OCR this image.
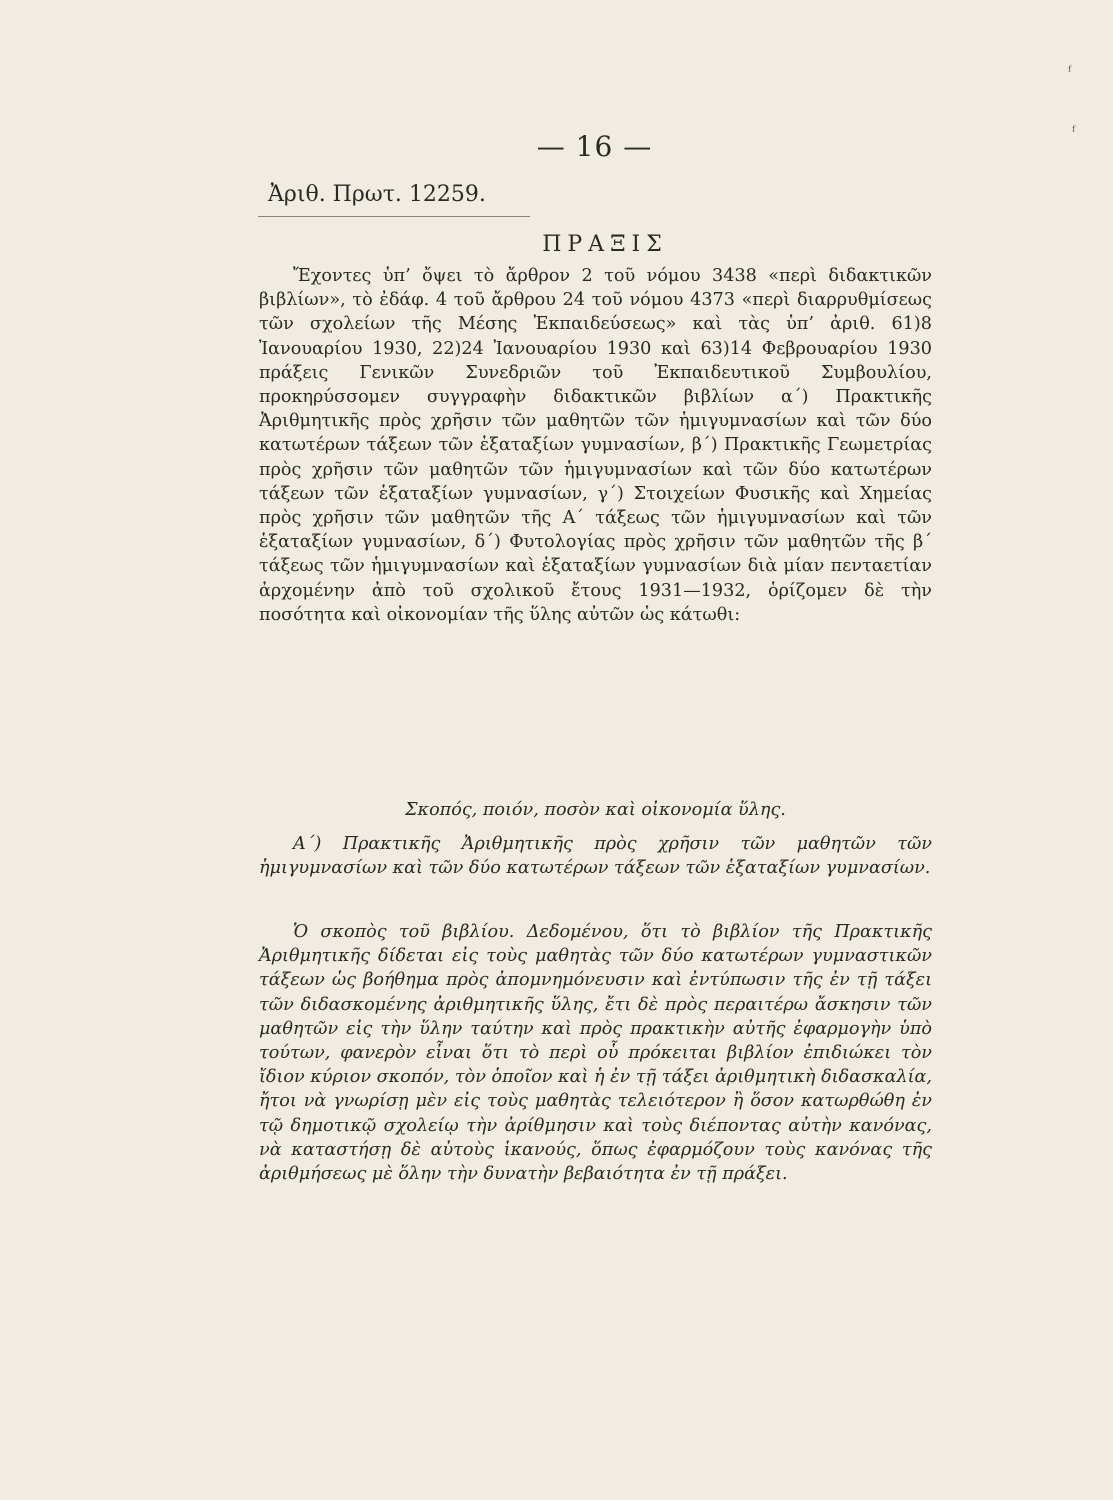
ᶠ
ᶠ
— 16 —
Ἀριθ. Πρωτ. 12259.
ΠΡΑΞΙΣ
Ἔχοντες ὑπ’ ὄψει τὸ ἄρθρον 2 τοῦ νόμου 3438 «περὶ διδακτικῶν βιβλίων», τὸ ἐδάφ. 4 τοῦ ἄρθρου 24 τοῦ νόμου 4373 «περὶ διαρρυθμίσεως τῶν σχολείων τῆς Μέσης Ἐκπαιδεύσεως» καὶ τὰς ὑπ’ ἀριθ. 61)8 Ἰανουαρίου 1930, 22)24 Ἰανουαρίου 1930 καὶ 63)14 Φεβρουαρίου 1930 πράξεις Γενικῶν Συνεδριῶν τοῦ Ἐκπαιδευτικοῦ Συμβουλίου, προκηρύσσομεν συγγραφὴν διδακτικῶν βιβλίων α΄) Πρακτικῆς Ἀριθμητικῆς πρὸς χρῆσιν τῶν μαθητῶν τῶν ἡμιγυμνασίων καὶ τῶν δύο κατωτέρων τάξεων τῶν ἑξαταξίων γυμνασίων, β΄) Πρακτικῆς Γεωμετρίας πρὸς χρῆσιν τῶν μαθητῶν τῶν ἡμιγυμνασίων καὶ τῶν δύο κατωτέρων τάξεων τῶν ἑξαταξίων γυμνασίων, γ΄) Στοιχείων Φυσικῆς καὶ Χημείας πρὸς χρῆσιν τῶν μαθητῶν τῆς Α΄ τάξεως τῶν ἡμιγυμνασίων καὶ τῶν ἑξαταξίων γυμνασίων, δ΄) Φυτολογίας πρὸς χρῆσιν τῶν μαθητῶν τῆς β΄ τάξεως τῶν ἡμιγυμνασίων καὶ ἑξαταξίων γυμνασίων διὰ μίαν πενταετίαν ἀρχομένην ἀπὸ τοῦ σχολικοῦ ἔτους 1931—1932, ὁρίζομεν δὲ τὴν ποσότητα καὶ οἰκονομίαν τῆς ὕλης αὐτῶν ὡς κάτωθι:
Σκοπός, ποιόν, ποσὸν καὶ οἰκονομία ὕλης.
Α΄) Πρακτικῆς Ἀριθμητικῆς πρὸς χρῆσιν τῶν μαθητῶν τῶν ἡμιγυμνασίων καὶ τῶν δύο κατωτέρων τάξεων τῶν ἑξαταξίων γυμνασίων.
Ὁ σκοπὸς τοῦ βιβλίου. Δεδομένου, ὅτι τὸ βιβλίον τῆς Πρακτικῆς Ἀριθμητικῆς δίδεται εἰς τοὺς μαθητὰς τῶν δύο κατωτέρων γυμναστικῶν τάξεων ὡς βοήθημα πρὸς ἀπομνημόνευσιν καὶ ἐντύπωσιν τῆς ἐν τῇ τάξει τῶν διδασκομένης ἀριθμητικῆς ὕλης, ἔτι δὲ πρὸς περαιτέρω ἄσκησιν τῶν μαθητῶν εἰς τὴν ὕλην ταύτην καὶ πρὸς πρακτικὴν αὐτῆς ἐφαρμογὴν ὑπὸ τούτων, φανερὸν εἶναι ὅτι τὸ περὶ οὗ πρόκειται βιβλίον ἐπιδιώκει τὸν ἴδιον κύριον σκοπόν, τὸν ὁποῖον καὶ ἡ ἐν τῇ τάξει ἀριθμητικὴ διδασκαλία, ἤτοι νὰ γνωρίσῃ μὲν εἰς τοὺς μαθητὰς τελειότερον ἢ ὅσον κατωρθώθη ἐν τῷ δημοτικῷ σχολείῳ τὴν ἀρίθμησιν καὶ τοὺς διέποντας αὐτὴν κανόνας, νὰ καταστήσῃ δὲ αὐτοὺς ἱκανούς, ὅπως ἐφαρμόζουν τοὺς κανόνας τῆς ἀριθμήσεως μὲ ὅλην τὴν δυνατὴν βεβαιότητα ἐν τῇ πράξει.
